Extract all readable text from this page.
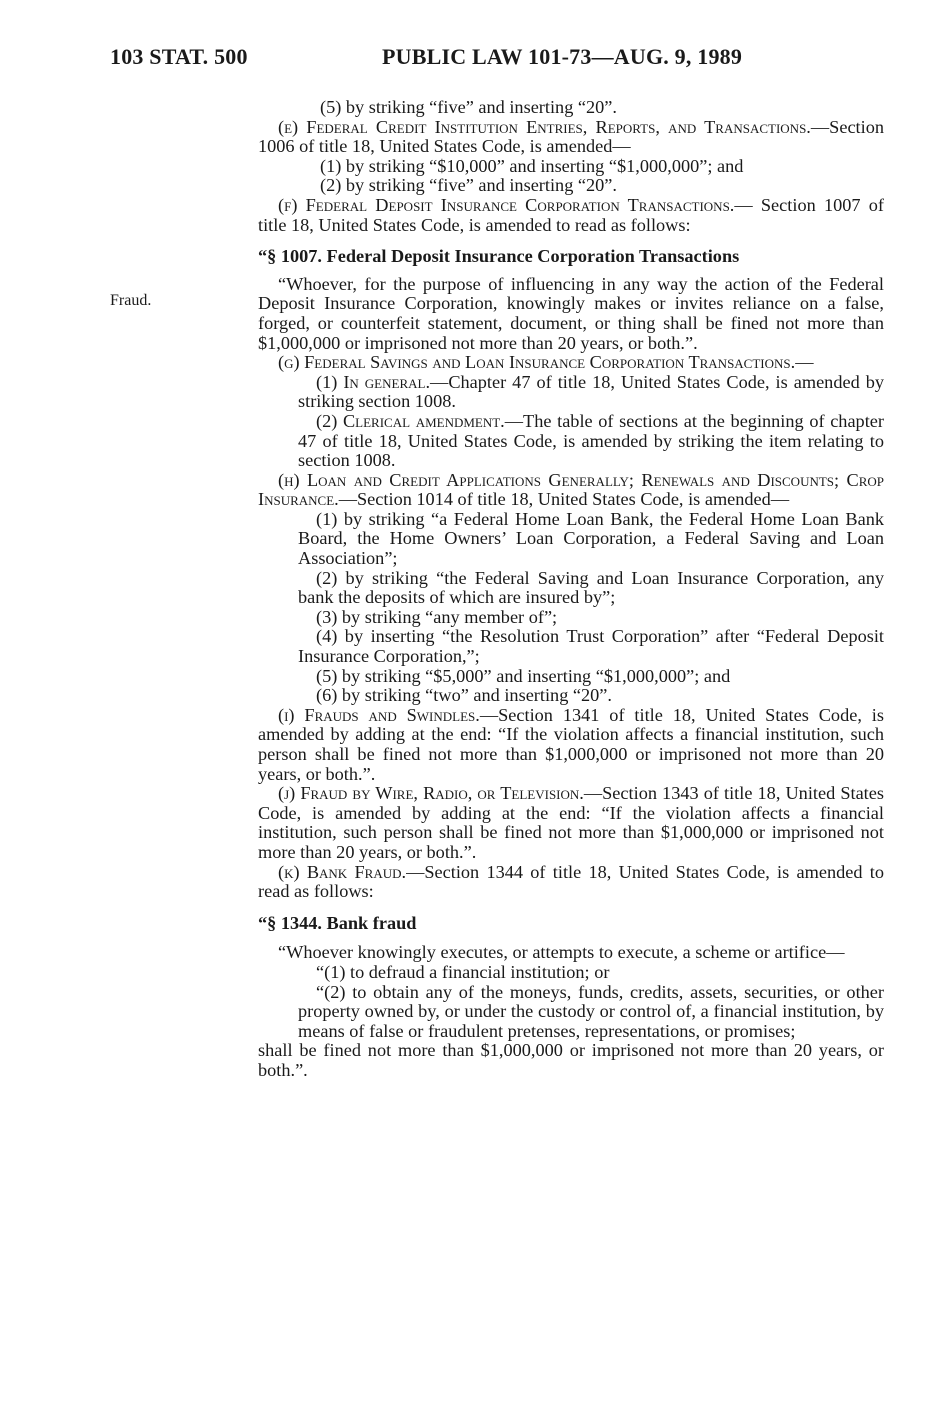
103 STAT. 500	PUBLIC LAW 101-73—AUG. 9, 1989
Fraud.

(5) by striking “five” and inserting “20”.

(e) Federal Credit Institution Entries, Reports, and Transactions.—Section 1006 of title 18, United States Code, is amended—

(1) by striking “$10,000” and inserting “$1,000,000”; and

(2) by striking “five” and inserting “20”.

(f) Federal Deposit Insurance Corporation Transactions.— Section 1007 of title 18, United States Code, is amended to read as follows:

“§ 1007. Federal Deposit Insurance Corporation Transactions

“Whoever, for the purpose of influencing in any way the action of the Federal Deposit Insurance Corporation, knowingly makes or invites reliance on a false, forged, or counterfeit statement, document, or thing shall be fined not more than $1,000,000 or imprisoned not more than 20 years, or both.”.

(g) Federal Savings and Loan Insurance Corporation Transactions.—

(1) In general.—Chapter 47 of title 18, United States Code, is amended by striking section 1008.

(2) Clerical amendment.—The table of sections at the beginning of chapter 47 of title 18, United States Code, is amended by striking the item relating to section 1008.

(h) Loan and Credit Applications Generally; Renewals and Discounts; Crop Insurance.—Section 1014 of title 18, United States Code, is amended—

(1) by striking “a Federal Home Loan Bank, the Federal Home Loan Bank Board, the Home Owners’ Loan Corporation, a Federal Saving and Loan Association”;

(2) by striking “the Federal Saving and Loan Insurance Corporation, any bank the deposits of which are insured by”;

(3) by striking “any member of”;

(4) by inserting “the Resolution Trust Corporation” after “Federal Deposit Insurance Corporation,”;

(5) by striking “$5,000” and inserting “$1,000,000”; and

(6) by striking “two” and inserting “20”.

(i) Frauds and Swindles.—Section 1341 of title 18, United States Code, is amended by adding at the end: “If the violation affects a financial institution, such person shall be fined not more than $1,000,000 or imprisoned not more than 20 years, or both.”.

(j) Fraud by Wire, Radio, or Television.—Section 1343 of title 18, United States Code, is amended by adding at the end: “If the violation affects a financial institution, such person shall be fined not more than $1,000,000 or imprisoned not more than 20 years, or both.”.

(k) Bank Fraud.—Section 1344 of title 18, United States Code, is amended to read as follows:

“§ 1344. Bank fraud

“Whoever knowingly executes, or attempts to execute, a scheme or artifice—

“(1) to defraud a financial institution; or

“(2) to obtain any of the moneys, funds, credits, assets, securities, or other property owned by, or under the custody or control of, a financial institution, by means of false or fraudulent pretenses, representations, or promises;

shall be fined not more than $1,000,000 or imprisoned not more than 20 years, or both.”.
